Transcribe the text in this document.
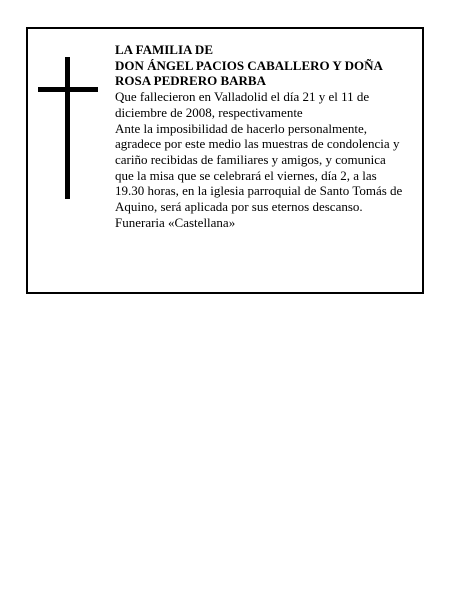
LA FAMILIA DE
DON ÁNGEL PACIOS CABALLERO Y DOÑA
ROSA PEDRERO BARBA
Que fallecieron en Valladolid el día 21 y el 11 de
diciembre de 2008, respectivamente
Ante la imposibilidad de hacerlo personalmente,
agradece por este medio las muestras de condolencia y
cariño recibidas de familiares y amigos, y comunica
que la misa que se celebrará el viernes, día 2, a las
19.30 horas, en la iglesia parroquial de Santo Tomás de
Aquino, será aplicada por sus eternos descanso.
Funeraria «Castellana»
